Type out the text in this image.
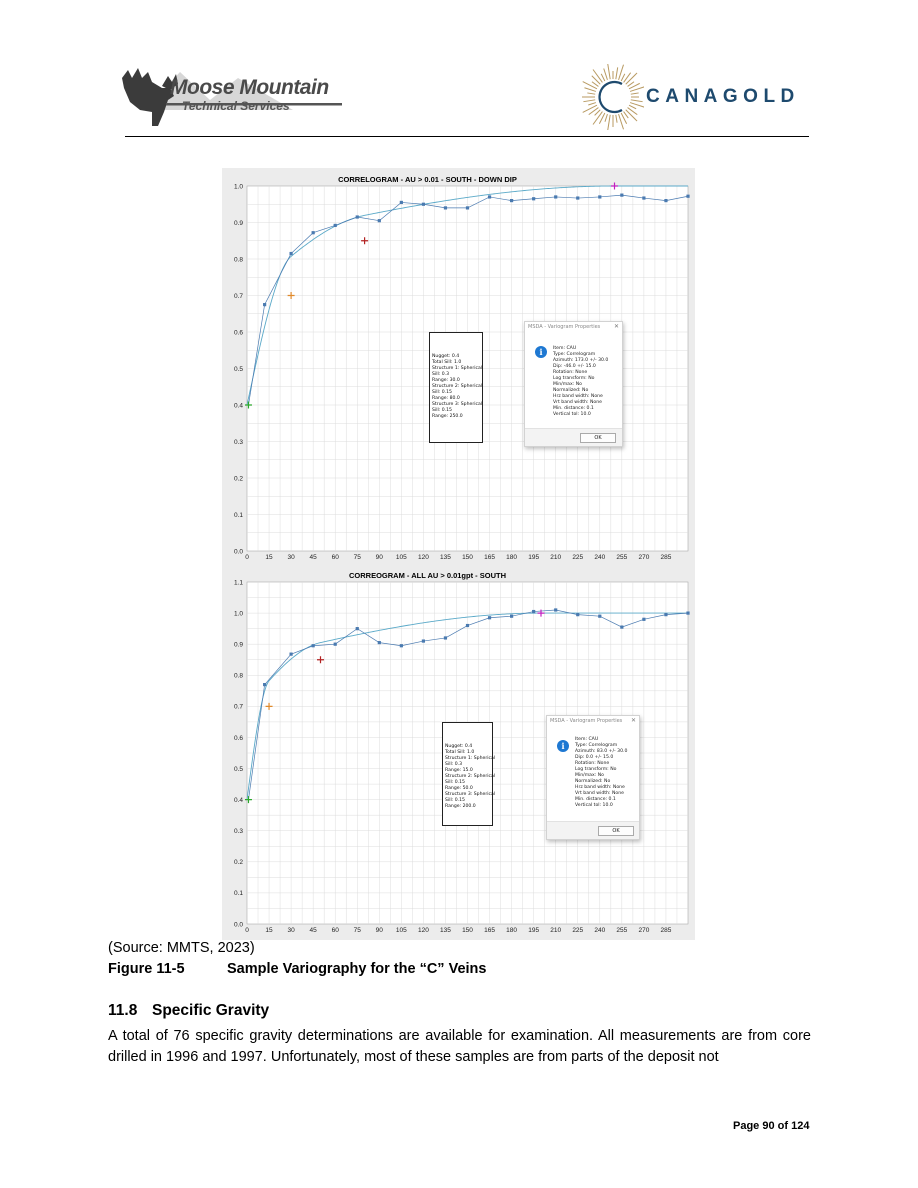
Moose Mountain
Technical Services	CANAGOLD
CORRELOGRAM - AU > 0.01 - SOUTH - DOWN DIP
0	15 30 45 60 75 90 105 120 135 150 165 180 195 210 225 240 255 270 285
0.0
0.1
0.2
0.3
0.4
0.5
0.6
0.7
0.8
0.9
1.0
CORREOGRAM - ALL AU > 0.01gpt - SOUTH
0	15 30 45 60 75 90 105 120 135 150 165 180 195 210 225 240 255 270 285
0.0
0.1
0.2
0.3
0.4
0.5
0.6
0.7
0.8
0.9
1.0
1.1
Nugget: 0.4
Total Sill: 1.0
Structure 1: Spherical
Sill: 0.3
Range: 30.0
Structure 2: Spherical
Sill: 0.15
Range: 80.0
Structure 3: Spherical
Sill: 0.15
Range: 250.0
MSDA - Variogram Properties ✕
i	Item: CAU
Type: Correlogram
Azimuth: 173.0 +/- 30.0
Dip: -46.0 +/- 15.0
Rotation: None
Log transform: No
Min/max: No
Normalized: No
Hrz band width: None
Vrt band width: None
Min. distance: 0.1
Vertical tol: 10.0
OK
Nugget: 0.4
Total Sill: 1.0
Structure 1: Spherical
Sill: 0.3
Range: 15.0
Structure 2: Spherical
Sill: 0.15
Range: 50.0
Structure 3: Spherical
Sill: 0.15
Range: 200.0
MSDA - Variogram Properties ✕
i
Item: CAU
Type: Correlogram
Azimuth: 83.0 +/- 30.0
Dip: 0.0 +/- 15.0
Rotation: None
Log transform: No
Min/max: No
Normalized: No
Hrz band width: None
Vrt band width: None
Min. distance: 0.1
Vertical tol: 10.0
OK
(Source: MMTS, 2023)
Figure 11-5	Sample Variography for the “C” Veins
11.8 Specific Gravity
A total of 76 specific gravity determinations are available for examination. All measurements are from core drilled in 1996 and 1997. Unfortunately, most of these samples are from parts of the deposit not
Page 90 of 124
